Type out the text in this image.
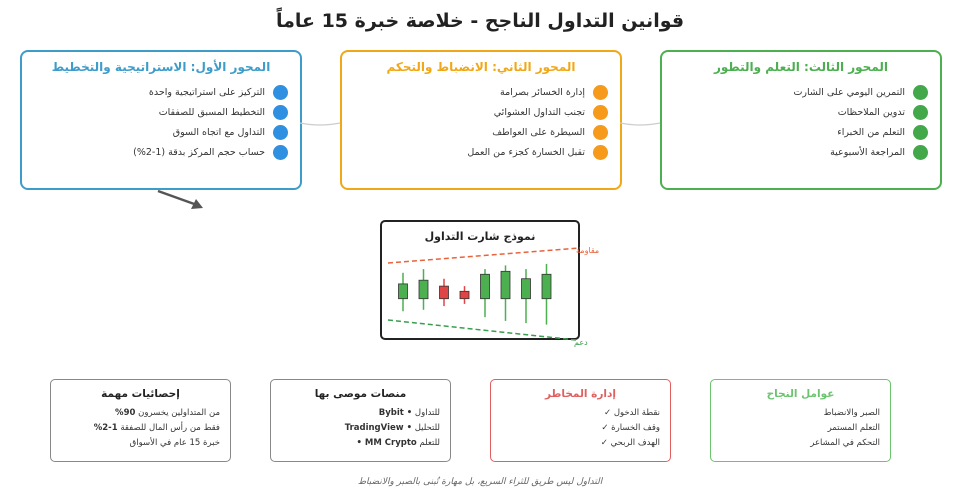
قوانين التداول الناجح - خلاصة خبرة 15 عاماً
المحور الأول: الاستراتيجية والتخطيط
التركيز على استراتيجية واحدة
التخطيط المسبق للصفقات
التداول مع اتجاه السوق
حساب حجم المركز بدقة (1-2%)
المحور الثاني: الانضباط والتحكم
إدارة الخسائر بصرامة
تجنب التداول العشوائي
السيطرة على العواطف
تقبل الخسارة كجزء من العمل
المحور الثالث: التعلم والتطور
التمرين اليومي على الشارت
تدوين الملاحظات
التعلم من الخبراء
المراجعة الأسبوعية
نموذج شارت التداول
مقاومة
دعم
إحصائيات مهمة
من المتداولين يخسرون 90%
فقط من رأس المال للصفقة 1-2%
خبرة 15 عام في الأسواق
منصات موصى بها
للتداول • Bybit
للتحليل • TradingView
للتعلم MM Crypto •
إدارة المخاطر
نقطة الدخول ✓
وقف الخسارة ✓
الهدف الربحي ✓
عوامل النجاح
الصبر والانضباط
التعلم المستمر
التحكم في المشاعر
التداول ليس طريق للثراء السريع، بل مهارة تُبنى بالصبر والانضباط
